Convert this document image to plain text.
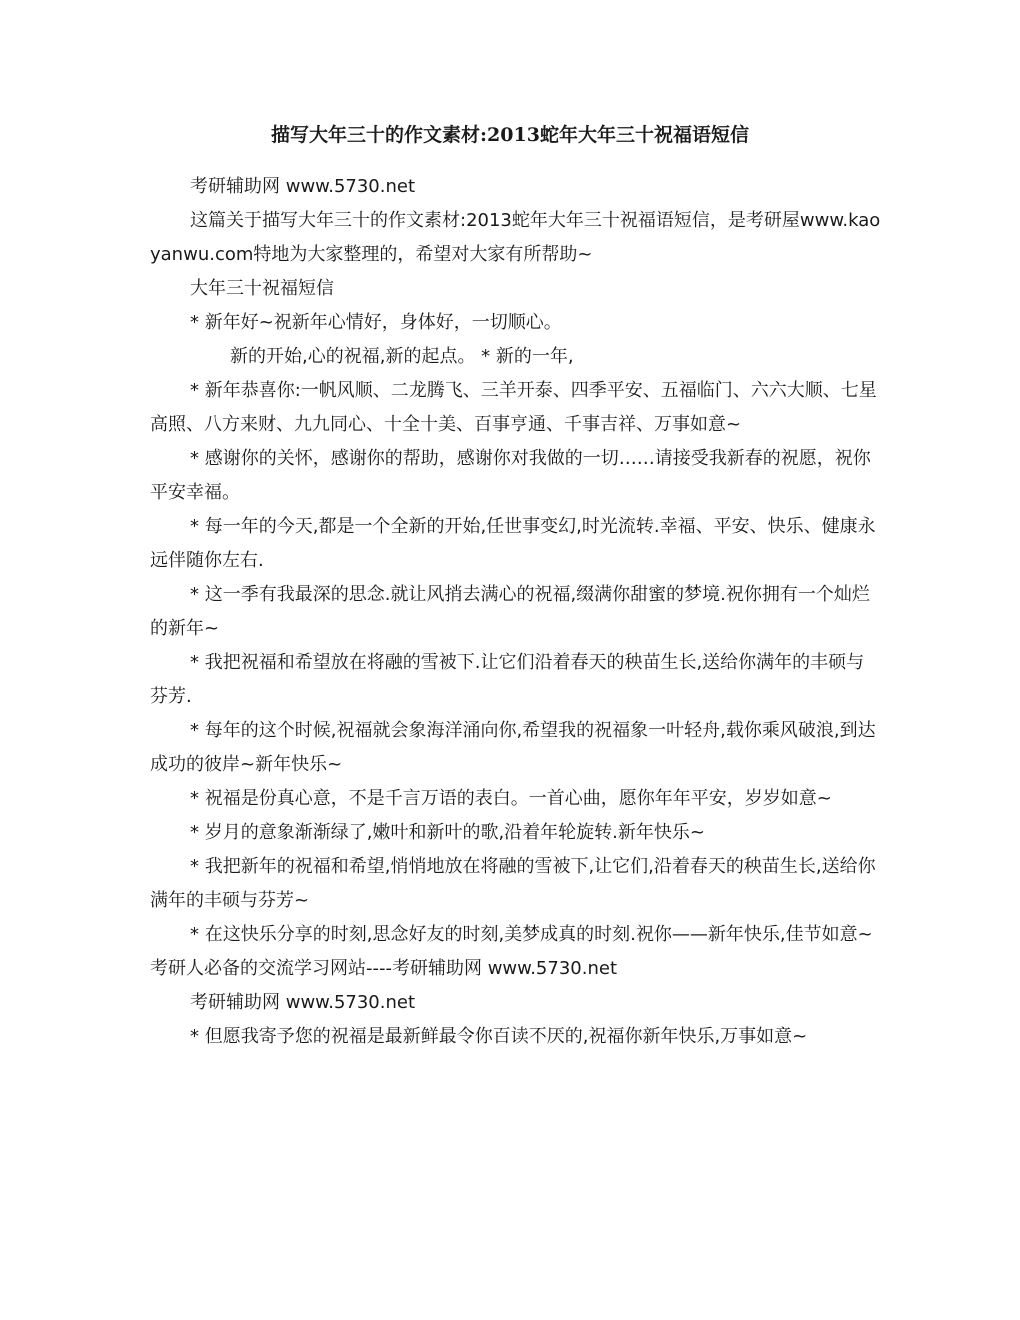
描写大年三十的作文素材:2013蛇年大年三十祝福语短信

考研辅助网 www.5730.net

这篇关于描写大年三十的作文素材:2013蛇年大年三十祝福语短信，是考研屋www.kaoyanwu.com特地为大家整理的，希望对大家有所帮助~

大年三十祝福短信

* 新年好~祝新年心情好，身体好，一切顺心。

新的开始,心的祝福,新的起点。 * 新的一年,

* 新年恭喜你:一帆风顺、二龙腾飞、三羊开泰、四季平安、五福临门、六六大顺、七星高照、八方来财、九九同心、十全十美、百事亨通、千事吉祥、万事如意~

* 感谢你的关怀，感谢你的帮助，感谢你对我做的一切……请接受我新春的祝愿，祝你平安幸福。

* 每一年的今天,都是一个全新的开始,任世事变幻,时光流转.幸福、平安、快乐、健康永远伴随你左右.

* 这一季有我最深的思念.就让风捎去满心的祝福,缀满你甜蜜的梦境.祝你拥有一个灿烂的新年~

* 我把祝福和希望放在将融的雪被下.让它们沿着春天的秧苗生长,送给你满年的丰硕与芬芳.

* 每年的这个时候,祝福就会象海洋涌向你,希望我的祝福象一叶轻舟,载你乘风破浪,到达成功的彼岸~新年快乐~

* 祝福是份真心意，不是千言万语的表白。一首心曲，愿你年年平安，岁岁如意~

* 岁月的意象渐渐绿了,嫩叶和新叶的歌,沿着年轮旋转.新年快乐~

* 我把新年的祝福和希望,悄悄地放在将融的雪被下,让它们,沿着春天的秧苗生长,送给你满年的丰硕与芬芳~

* 在这快乐分享的时刻,思念好友的时刻,美梦成真的时刻.祝你——新年快乐,佳节如意~ 考研人必备的交流学习网站----考研辅助网 www.5730.net

考研辅助网 www.5730.net

* 但愿我寄予您的祝福是最新鲜最令你百读不厌的,祝福你新年快乐,万事如意~
